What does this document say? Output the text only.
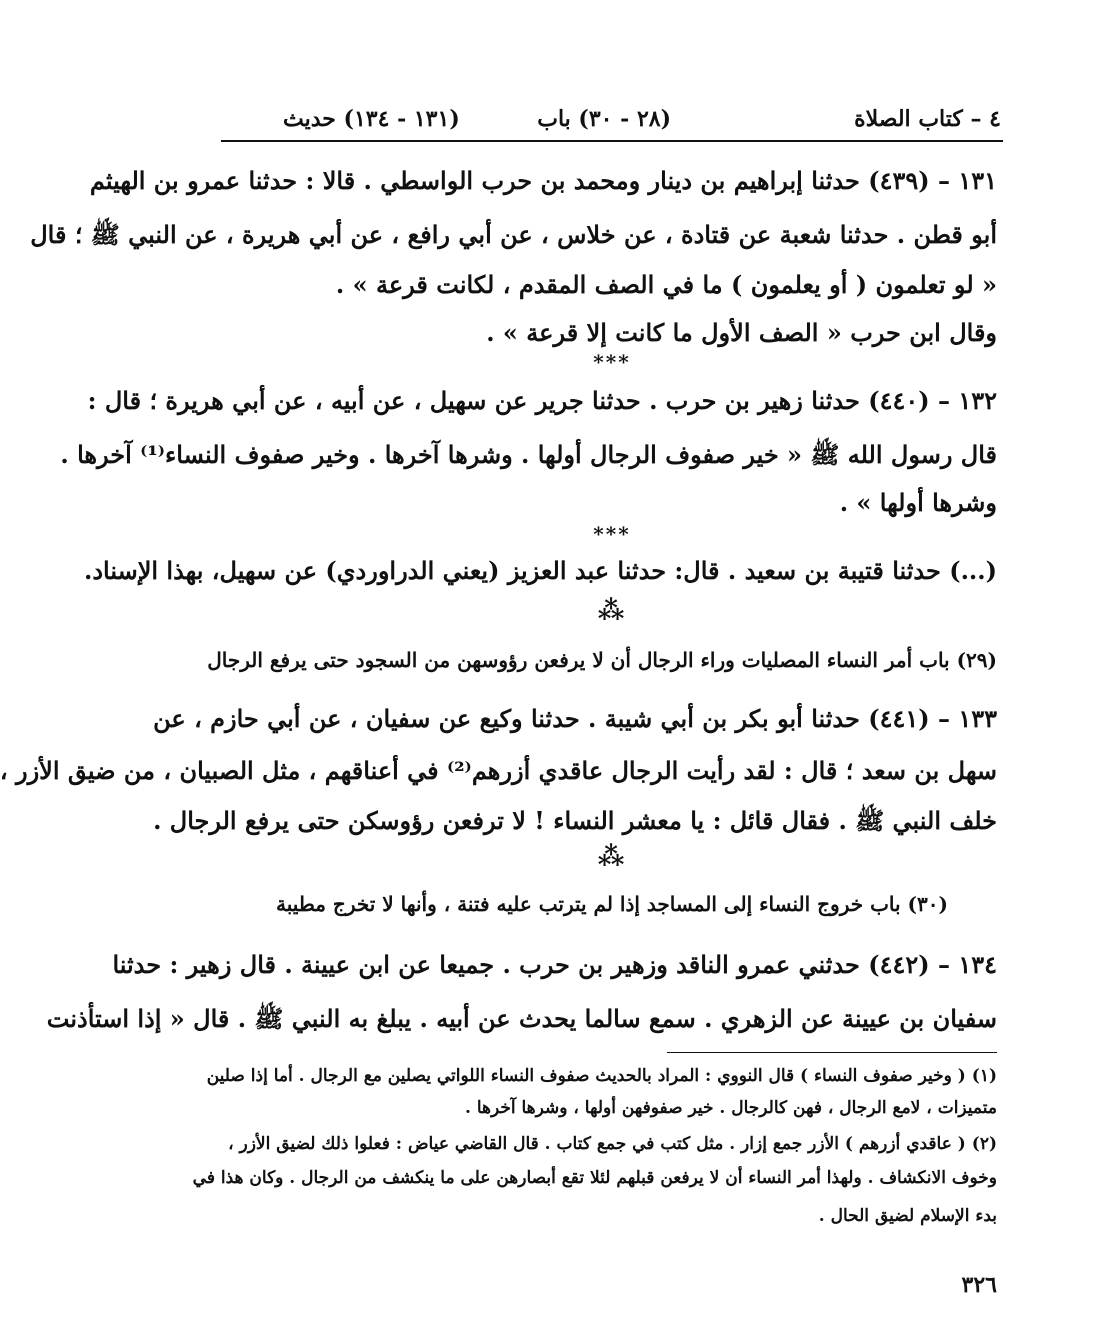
٤ – كتاب الصلاة
(٢٨ - ٣٠) باب
(١٣١ - ١٣٤) حديث
١٣١ – (٤٣٩) حدثنا إبراهيم بن دينار ومحمد بن حرب الواسطي . قالا : حدثنا عمرو بن الهيثم
أبو قطن . حدثنا شعبة عن قتادة ، عن خلاس ، عن أبي رافع ، عن أبي هريرة ، عن النبي ﷺ ؛ قال
« لو تعلمون ( أو يعلمون ) ما في الصف المقدم ، لكانت قرعة » .
وقال ابن حرب « الصف الأول ما كانت إلا قرعة » .
***
١٣٢ – (٤٤٠) حدثنا زهير بن حرب . حدثنا جرير عن سهيل ، عن أبيه ، عن أبي هريرة ؛ قال :
قال رسول الله ﷺ « خير صفوف الرجال أولها . وشرها آخرها . وخير صفوف النساء⁽¹⁾ آخرها .
وشرها أولها » .
***
(...) حدثنا قتيبة بن سعيد . قال: حدثنا عبد العزيز (يعني الدراوردي) عن سهيل، بهذا الإسناد.
⁂
(٢٩) باب أمر النساء المصليات وراء الرجال أن لا يرفعن رؤوسهن من السجود حتى يرفع الرجال
١٣٣ – (٤٤١) حدثنا أبو بكر بن أبي شيبة . حدثنا وكيع عن سفيان ، عن أبي حازم ، عن
سهل بن سعد ؛ قال : لقد رأيت الرجال عاقدي أزرهم⁽²⁾ في أعناقهم ، مثل الصبيان ، من ضيق الأزر ،
خلف النبي ﷺ . فقال قائل : يا معشر النساء ! لا ترفعن رؤوسكن حتى يرفع الرجال .
⁂
(٣٠) باب خروج النساء إلى المساجد إذا لم يترتب عليه فتنة ، وأنها لا تخرج مطيبة
١٣٤ – (٤٤٢) حدثني عمرو الناقد وزهير بن حرب . جميعا عن ابن عيينة . قال زهير : حدثنا
سفيان بن عيينة عن الزهري . سمع سالما يحدث عن أبيه . يبلغ به النبي ﷺ . قال « إذا استأذنت
(١) ( وخير صفوف النساء ) قال النووي : المراد بالحديث صفوف النساء اللواتي يصلين مع الرجال . أما إذا صلين
متميزات ، لامع الرجال ، فهن كالرجال . خير صفوفهن أولها ، وشرها آخرها .
(٢) ( عاقدي أزرهم ) الأزر جمع إزار . مثل كتب في جمع كتاب . قال القاضي عياض : فعلوا ذلك لضيق الأزر ،
وخوف الانكشاف . ولهذا أمر النساء أن لا يرفعن قبلهم لئلا تقع أبصارهن على ما ينكشف من الرجال . وكان هذا في
بدء الإسلام لضيق الحال .
٣٢٦
